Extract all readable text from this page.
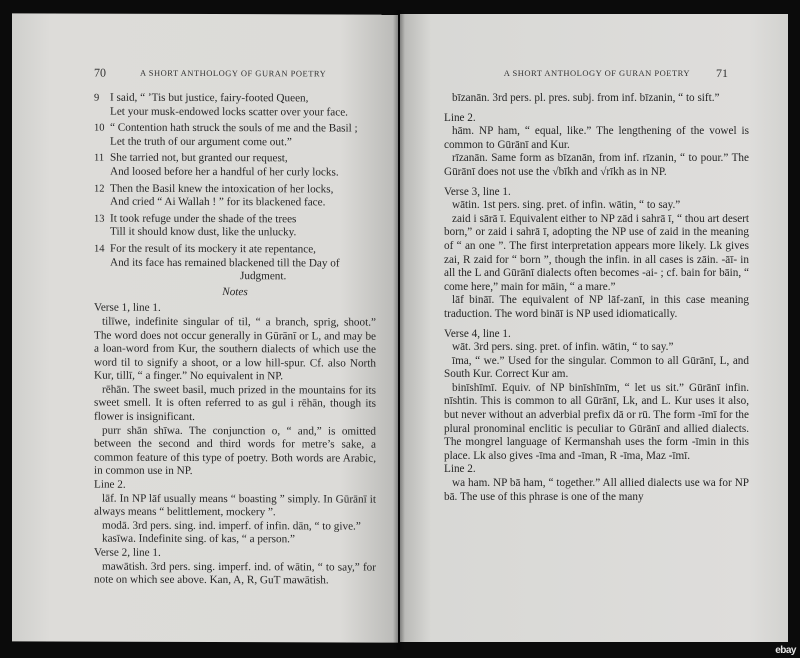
70	A SHORT ANTHOLOGY OF GURAN POETRY
9 I said, “ ’Tis but justice, fairy-footed Queen,
Let your musk-endowed locks scatter over your face.
10 “ Contention hath struck the souls of me and the Basil ;
Let the truth of our argument come out.”
11 She tarried not, but granted our request,
And loosed before her a handful of her curly locks.
12 Then the Basil knew the intoxication of her locks,
And cried “ Ai Wallah ! ” for its blackened face.
13 It took refuge under the shade of the trees
Till it should know dust, like the unlucky.
14 For the result of its mockery it ate repentance,
And its face has remained blackened till the Day of
Judgment.
Notes

Verse 1, line 1.

tilīwe, indefinite singular of til, “ a branch, sprig, shoot.” The word does not occur generally in Gūrānī or L, and may be a loan-word from Kur, the southern dialects of which use the word til to signify a shoot, or a low hill-spur. Cf. also North Kur, tillī, “ a finger.” No equivalent in NP.

rēhān. The sweet basil, much prized in the mountains for its sweet smell. It is often referred to as gul i rēhān, though its flower is insignificant.

purr shān shīwa. The conjunction o, “ and,” is omitted between the second and third words for metre’s sake, a common feature of this type of poetry. Both words are Arabic, in common use in NP.

Line 2.

lāf. In NP lāf usually means “ boasting ” simply. In Gūrānī it always means “ belittlement, mockery ”.

modā. 3rd pers. sing. ind. imperf. of infin. dān, “ to give.”

kasīwa. Indefinite sing. of kas, “ a person.”

Verse 2, line 1.

mawātish. 3rd pers. sing. imperf. ind. of wātin, “ to say,” for note on which see above. Kan, A, R, GuT mawātish.

A SHORT ANTHOLOGY OF GURAN POETRY 71

bīzanān. 3rd pers. pl. pres. subj. from inf. bīzanin, “ to sift.”

Line 2.

hām. NP ham, “ equal, like.” The lengthening of the vowel is common to Gūrānī and Kur.

rīzanān. Same form as bīzanān, from inf. rīzanin, “ to pour.” The Gūrānī does not use the √bīkh and √rīkh as in NP.

Verse 3, line 1.

wātin. 1st pers. sing. pret. of infin. wātin, “ to say.”

zaid i sārā ī. Equivalent either to NP zād i sahrā ī, “ thou art desert born,” or zaid i sahrā ī, adopting the NP use of zaid in the meaning of “ an one ”. The first interpretation appears more likely. Lk gives zai, R zaid for “ born ”, though the infin. in all cases is zāin. -āī- in all the L and Gūrānī dialects often becomes -ai- ; cf. bain for bāin, “ come here,” main for māin, “ a mare.”

lāf bināī. The equivalent of NP lāf-zanī, in this case meaning traduction. The word bināī is NP used idiomatically.

Verse 4, line 1.

wāt. 3rd pers. sing. pret. of infin. wātin, “ to say.”

īma, “ we.” Used for the singular. Common to all Gūrānī, L, and South Kur. Correct Kur am.

binīshīmī. Equiv. of NP binīshīnīm, “ let us sit.” Gūrānī infin. nīshtin. This is common to all Gūrānī, Lk, and L. Kur uses it also, but never without an adverbial prefix dā or rū. The form -īmī for the plural pronominal enclitic is peculiar to Gūrānī and allied dialects. The mongrel language of Kermanshah uses the form -īmin in this place. Lk also gives -īma and -īman, R -īma, Maz -īmī.

Line 2.

wa ham. NP bā ham, “ together.” All allied dialects use wa for NP bā. The use of this phrase is one of the many

ebay
